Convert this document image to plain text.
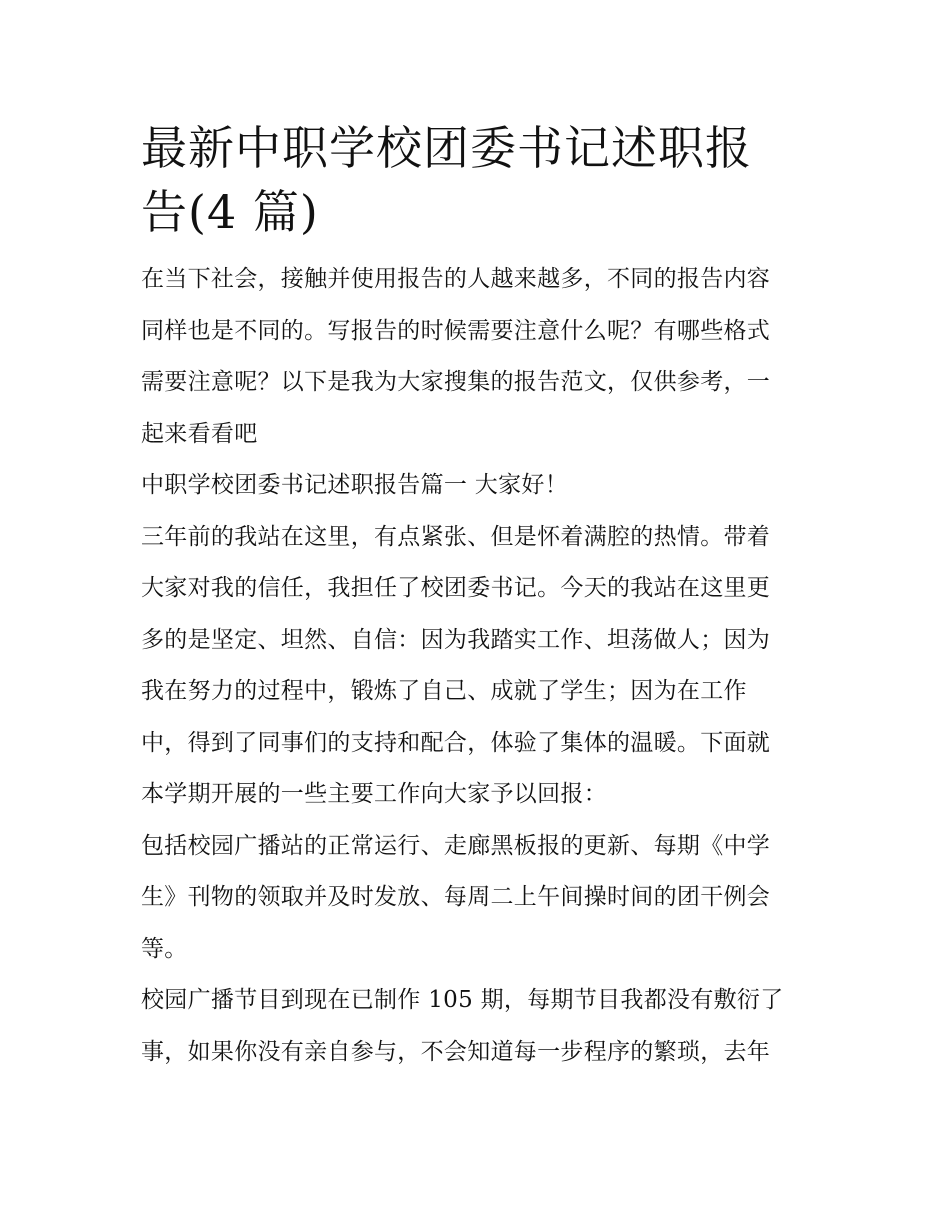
最新中职学校团委书记述职报
告(4 篇)

在当下社会，接触并使用报告的人越来越多，不同的报告内容
同样也是不同的。写报告的时候需要注意什么呢？有哪些格式
需要注意呢？以下是我为大家搜集的报告范文，仅供参考，一
起来看看吧

中职学校团委书记述职报告篇一 大家好！

三年前的我站在这里，有点紧张、但是怀着满腔的热情。带着
大家对我的信任，我担任了校团委书记。今天的我站在这里更
多的是坚定、坦然、自信：因为我踏实工作、坦荡做人；因为
我在努力的过程中，锻炼了自己、成就了学生；因为在工作
中，得到了同事们的支持和配合，体验了集体的温暖。下面就
本学期开展的一些主要工作向大家予以回报：

包括校园广播站的正常运行、走廊黑板报的更新、每期《中学
生》刊物的领取并及时发放、每周二上午间操时间的团干例会
等。

校园广播节目到现在已制作 105 期，每期节目我都没有敷衍了
事，如果你没有亲自参与，不会知道每一步程序的繁琐，去年
